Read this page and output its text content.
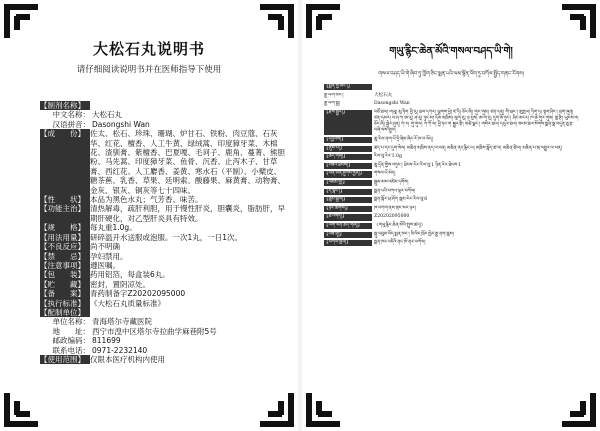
大松石丸说明书
请仔细阅读说明书并在医师指导下使用
【制剂名称】
中文名称： 大松石丸
汉语拼音： Dasongshi Wan
【成　　份】 佐太、松石、珍珠、珊瑚、炉甘石、铁粉、肉豆蔻、石灰华、红花、檀香、人工牛黄、绿绒蒿、印度獐牙菜、木棉花、渣驯膏、紫檀香、巴夏嘎、毛诃子、鹿角、蔓菁、熊胆粉、马先蒿、印度獐牙菜、鱼骨、沉香、止泻木子、甘草膏、西红花、人工麝香、姜黄、寒水石（平制）、小檗皮、糖茶蕉、乳香、草果、廷明索、酸藤果、麻黄膏、动物膏、金灰、银灰、铜灰等七十四味。
【性　　状】 本品为黑色水丸；气芳香、味苦。
【功能主治】 清热解毒，疏肝利胆，用于慢性肝炎，胆囊炎，脂肪肝，早期肝硬化，对乙型肝炎具有特效。
【规　　格】 每丸重1.0g。
【用法用量】 研碎温开水送服或泡服。一次1丸，一日1次。
【不良反应】 尚不明确
【禁　　忌】 孕妇禁用。
【注意事项】 遵医嘱。
【包　　装】 药用铝箔，每盒装6丸。
【贮　　藏】 密封，置阴凉处。
【备　　案】 青药制备字Z20202095000
【执行标准】 《大松石丸质量标准》
【配制单位】
单位名称： 青海塔尔寺藏医院
地　　址： 西宁市湟中区塔尔寺拉曲学麻巷附5号
邮政编码： 811699
联系电话： 0971-2232140
【使用范围】 仅限本医疗机构内使用
གཡུ་རྙིང་ཆེན་མོའི་གསལ་བཤད་ཡི་གེ།
གསལ་བཤད་ཡི་གེ་ཞིབ་ཏུ་ཀློག་ཅིང་སྨན་པའི་ལམ་སྟོན་འོག་ཏུ་བཀོལ་སྤྱོད་གནང་རོགས།
【སྨན་གྱི་མིང་།】
རྒྱ་ཡིག་མིང་།	大松石丸
རྒྱ་ཡིག་སྒྲ།	Dasongshi Wan
【རྫས་སྦྱོར།】	བཙོ་ཐལ། གཡུ། མུ་ཏིག བྱི་རུ། ཐལ་དཀར། ལྕགས་ཕྱེ། ཛ་ཏི། ཅོང་ཞི། གུར་གུམ། ཙན་དན། གི་ཝང་། ཨུཏྤལ། ཏིག་ཏ། སྟག་ཤིང་། བྲག་ཞུན། ཙན་དམར། བ་ཤ་ཀ ཨ་རུ། ཤ་རུ། ཉུང་མ། དོམ་མཁྲིས། ལུག་རུ། ཉ་རུས། ཨ་ག་རུ། དུག་མོ་ཉུང་། ཤིང་མངར། ཁ་ཆེ་གུར་གུམ། གླ་རྩི། ཡུངས་བ། ཅོང་ཞི། སྐྱེར་ཤུན། ཀ་ར། གུ་གུལ། ཀ་ཀོ་ལ། བྱི་ཏང་ག སྐྱུར་རྩི། མཚེ་ལྗང་། གསེར་ཐལ། དངུལ་ཐལ། ཟངས་ཐལ་སོགས་སྨན་སྣ་བདུན་ཅུ་རྩ་བཞི་ལས་གྲུབ།
【དབྱིབས།】	ཆུ་རིལ་ནག་པོ་དྲི་ཞིམ་ཞིང་རོ་ཁ་བ་ཡོད།
【ནུས་པ།】	ཚད་པ་དང་དུག་སེལ། མཆིན་མཁྲིས་ནད་ལ་ཕན། མཆིན་ནད་རྙིང་པ། མཁྲིས་སྣོད་ཚ་བ། མཆིན་ཚིལ། མཆིན་པ་སྲ་འགྱུར་ལ་ཕན།
【ཚད་གཞི།】	རིལ་བུ་རེར་1.0g
【བཟའ་ཐབས།】	ཆུ་དྲོན་གྱིས་བཏུང་། ཐེངས་རེར་རིལ་བུ་1 ཉིན་རེར་ཐེངས་1
【ཕན་མིན་ཤུགས་རྐྱེན།】	གསལ་པོ་མེད།
【འཛེམ་བྱ།】	སྦྲུམ་མས་འཛེམ་དགོས།
【དོ་སྣང་།】	སྨན་པའི་བཀའ་ལྟར་བཀོལ།
【ཐུམ་སྒྲིལ།】	སྨན་སྐོར་ཕྲ་ཤོག སྒམ་རེར་རིལ་བུ་6
【ཉར་ཚགས།】	ཁ་བཀག་ནས་གྲང་སར་ཉར།
【ཐོ་འགོད།】	Z20202095000
【ལག་ལེན་ཚད་གཞི།】	《གཡུ་རྙིང་ཆེན་མོའི་སྤུས་ཚད།》
【བཟོ་གྲྭ།】	སྐུ་འབུམ་བོད་སྨན་ཁང་། ཟི་ལིང་ཁྲོང་ཁྱེར་རྒྱ་ནག་ཆུས།
【བཀོལ་ཁྱབ།】	སྨན་ཁང་འདིའི་ནང་ཁོ་ནར་བཀོལ།
